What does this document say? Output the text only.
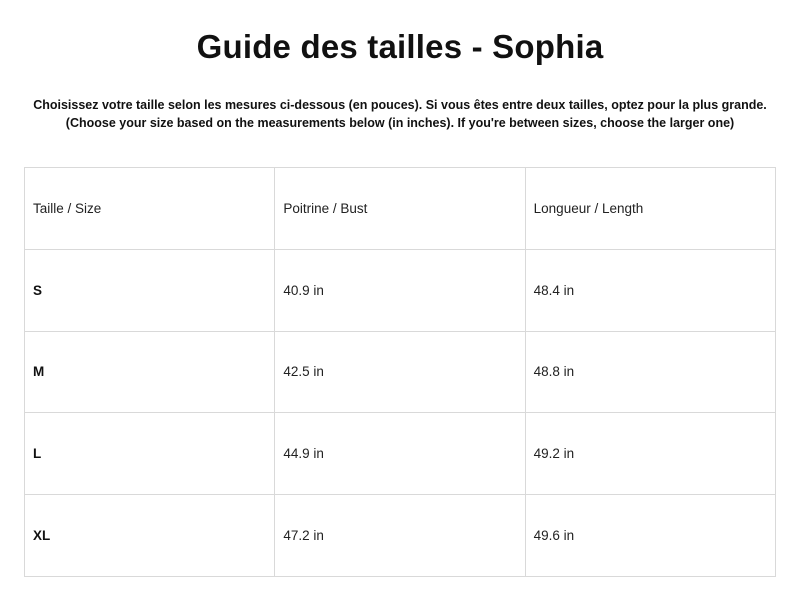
Guide des tailles - Sophia

Choisissez votre taille selon les mesures ci-dessous (en pouces). Si vous êtes entre deux tailles, optez pour la plus grande.
(Choose your size based on the measurements below (in inches). If you're between sizes, choose the larger one)

Taille / Size	Poitrine / Bust	Longueur / Length
S	40.9 in	48.4 in
M	42.5 in	48.8 in
L	44.9 in	49.2 in
XL	47.2 in	49.6 in
